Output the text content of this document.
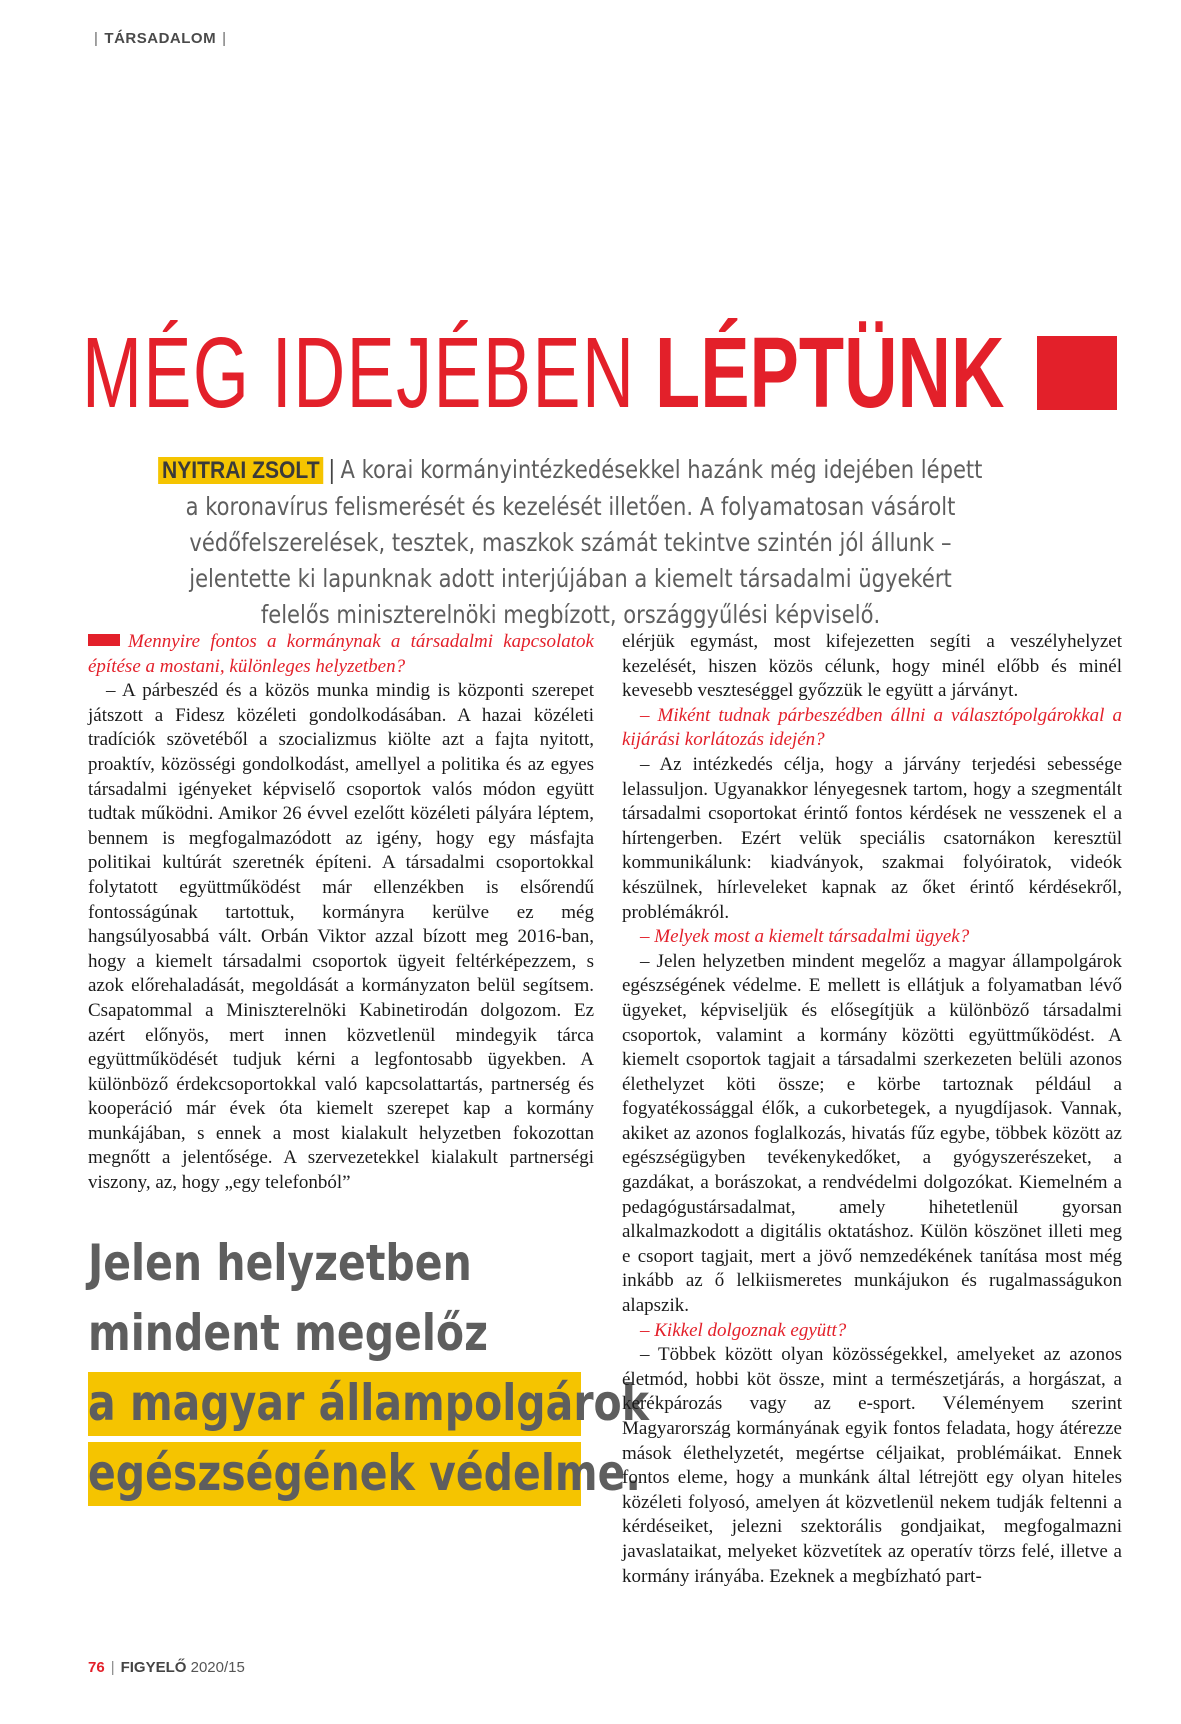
| TÁRSADALOM |
MÉG IDEJÉBEN LÉPTÜNK
NYITRAI ZSOLT | A korai kormányintézkedésekkel hazánk még idejében lépett a koronavírus felismerését és kezelését illetően. A folyamatosan vásárolt védőfelszerelések, tesztek, maszkok számát tekintve szintén jól állunk – jelentette ki lapunknak adott interjújában a kiemelt társadalmi ügyekért felelős miniszterelnöki megbízott, országgyűlési képviselő.

Mennyire fontos a kormánynak a társadalmi kapcsolatok építése a mostani, különleges helyzetben?

– A párbeszéd és a közös munka mindig is központi szerepet játszott a Fidesz közéleti gondolkodásában. A hazai közéleti tradíciók szövetéből a szocializmus kiölte azt a fajta nyitott, proaktív, közösségi gondolkodást, amellyel a politika és az egyes társadalmi igényeket képviselő csoportok valós módon együtt tudtak működni. Amikor 26 évvel ezelőtt közéleti pályára léptem, bennem is megfogalmazódott az igény, hogy egy másfajta politikai kultúrát szeretnék építeni. A társadalmi csoportokkal folytatott együttműködést már ellenzékben is elsőrendű fontosságúnak tartottuk, kormányra kerülve ez még hangsúlyosabbá vált. Orbán Viktor azzal bízott meg 2016-ban, hogy a kiemelt társadalmi csoportok ügyeit feltérképezzem, s azok előrehaladását, megoldását a kormányzaton belül segítsem. Csapatommal a Miniszterelnöki Kabinetirodán dolgozom. Ez azért előnyös, mert innen közvetlenül mindegyik tárca együttműködését tudjuk kérni a legfontosabb ügyekben. A különböző érdekcsoportokkal való kapcsolattartás, partnerség és kooperáció már évek óta kiemelt szerepet kap a kormány munkájában, s ennek a most kialakult helyzetben fokozottan megnőtt a jelentősége. A szervezetekkel kialakult partnerségi viszony, az, hogy „egy telefonból”

Jelen helyzetben
mindent megelőz
a magyar állampolgárok
egészségének védelme.

elérjük egymást, most kifejezetten segíti a veszélyhelyzet kezelését, hiszen közös célunk, hogy minél előbb és minél kevesebb veszteséggel győzzük le együtt a járványt.

– Miként tudnak párbeszédben állni a választópolgárokkal a kijárási korlátozás idején?

– Az intézkedés célja, hogy a járvány terjedési sebessége lelassuljon. Ugyanakkor lényegesnek tartom, hogy a szegmentált társadalmi csoportokat érintő fontos kérdések ne vesszenek el a hírtengerben. Ezért velük speciális csatornákon keresztül kommunikálunk: kiadványok, szakmai folyóiratok, videók készülnek, hírleveleket kapnak az őket érintő kérdésekről, problémákról.

– Melyek most a kiemelt társadalmi ügyek?

– Jelen helyzetben mindent megelőz a magyar állampolgárok egészségének védelme. E mellett is ellátjuk a folyamatban lévő ügyeket, képviseljük és elősegítjük a különböző társadalmi csoportok, valamint a kormány közötti együttműködést. A kiemelt csoportok tagjait a társadalmi szerkezeten belüli azonos élethelyzet köti össze; e körbe tartoznak például a fogyatékossággal élők, a cukorbetegek, a nyugdíjasok. Vannak, akiket az azonos foglalkozás, hivatás fűz egybe, többek között az egészségügyben tevékenykedőket, a gyógyszerészeket, a gazdákat, a borászokat, a rendvédelmi dolgozókat. Kiemelném a pedagógustársadalmat, amely hihetetlenül gyorsan alkalmazkodott a digitális oktatáshoz. Külön köszönet illeti meg e csoport tagjait, mert a jövő nemzedékének tanítása most még inkább az ő lelkiismeretes munkájukon és rugalmasságukon alapszik.

– Kikkel dolgoznak együtt?

– Többek között olyan közösségekkel, amelyeket az azonos életmód, hobbi köt össze, mint a természetjárás, a horgászat, a kerékpározás vagy az e-sport. Véleményem szerint Magyarország kormányának egyik fontos feladata, hogy átérezze mások élethelyzetét, megértse céljaikat, problémáikat. Ennek fontos eleme, hogy a munkánk által létrejött egy olyan hiteles közéleti folyosó, amelyen át közvetlenül nekem tudják feltenni a kérdéseiket, jelezni szektorális gondjaikat, megfogalmazni javaslataikat, melyeket közvetítek az operatív törzs felé, illetve a kormány irányába. Ezeknek a megbízható part-

76 | FIGYELŐ 2020/15
